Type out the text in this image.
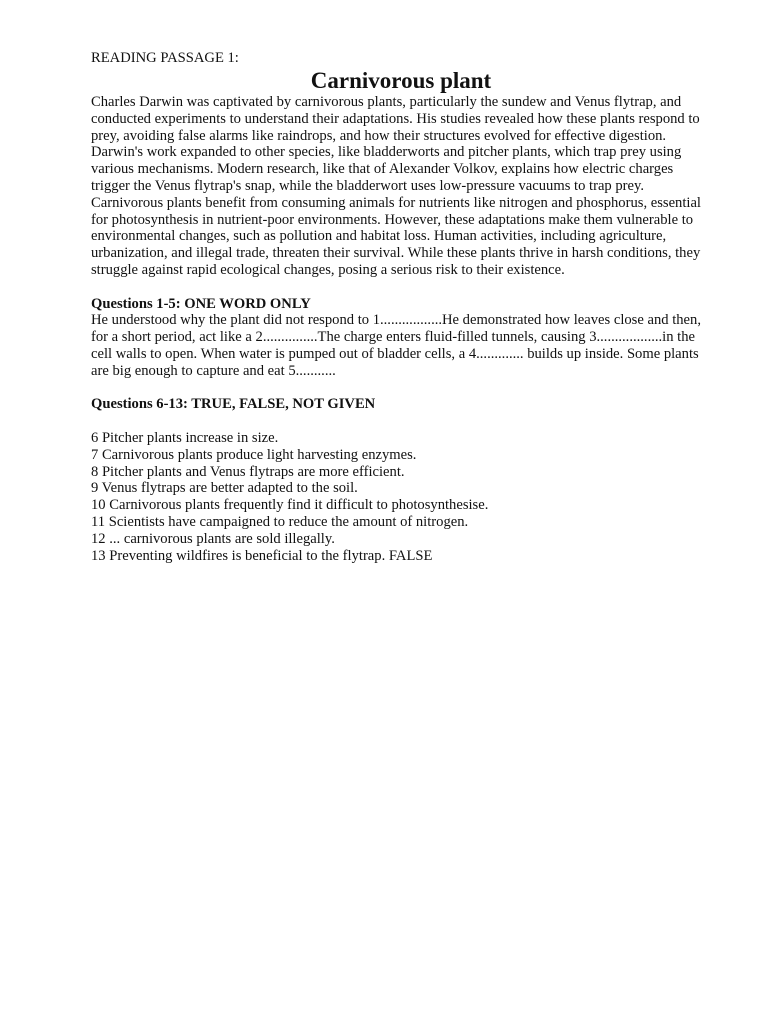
READING PASSAGE 1:

Carnivorous plant

Charles Darwin was captivated by carnivorous plants, particularly the sundew and Venus flytrap, and conducted experiments to understand their adaptations. His studies revealed how these plants respond to prey, avoiding false alarms like raindrops, and how their structures evolved for effective digestion. Darwin's work expanded to other species, like bladderworts and pitcher plants, which trap prey using various mechanisms. Modern research, like that of Alexander Volkov, explains how electric charges trigger the Venus flytrap's snap, while the bladderwort uses low-pressure vacuums to trap prey. Carnivorous plants benefit from consuming animals for nutrients like nitrogen and phosphorus, essential for photosynthesis in nutrient-poor environments. However, these adaptations make them vulnerable to environmental changes, such as pollution and habitat loss. Human activities, including agriculture, urbanization, and illegal trade, threaten their survival. While these plants thrive in harsh conditions, they struggle against rapid ecological changes, posing a serious risk to their existence.

Questions 1-5: ONE WORD ONLY

He understood why the plant did not respond to 1.................He demonstrated how leaves close and then, for a short period, act like a 2...............The charge enters fluid-filled tunnels, causing 3..................in the cell walls to open. When water is pumped out of bladder cells, a 4............. builds up inside. Some plants are big enough to capture and eat 5...........

Questions 6-13: TRUE, FALSE, NOT GIVEN

6 Pitcher plants increase in size.
7 Carnivorous plants produce light harvesting enzymes.
8 Pitcher plants and Venus flytraps are more efficient.
9 Venus flytraps are better adapted to the soil.
10 Carnivorous plants frequently find it difficult to photosynthesise.
11 Scientists have campaigned to reduce the amount of nitrogen.
12 ... carnivorous plants are sold illegally.
13 Preventing wildfires is beneficial to the flytrap. FALSE
